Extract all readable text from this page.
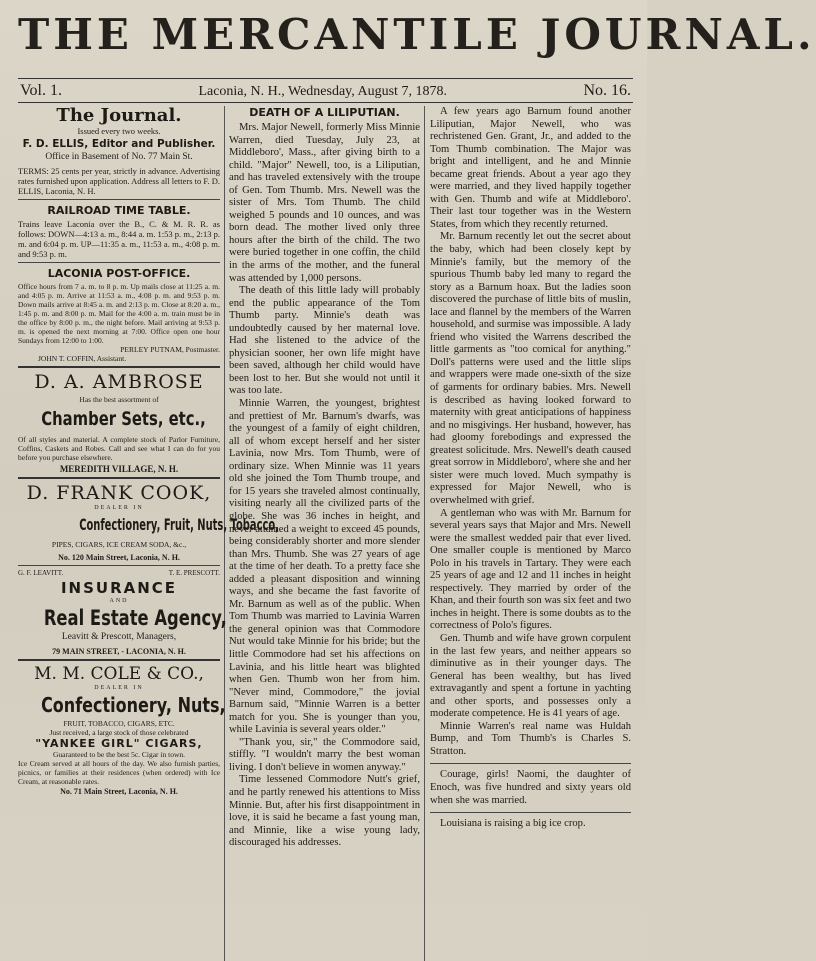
THE MERCANTILE JOURNAL.
Vol. 1.	Laconia, N. H., Wednesday, August 7, 1878.	No. 16.
The Journal.
Issued every two weeks.
F. D. ELLIS, Editor and Publisher.
Office in Basement of No. 77 Main St.
TERMS: 25 cents per year, strictly in advance. Advertising rates furnished upon application. Address all letters to F. D. ELLIS, Laconia, N. H.
RAILROAD TIME TABLE.
Trains leave Laconia over the B., C. & M. R. R. as follows: DOWN—4:13 a. m., 8:44 a. m. 1:53 p. m., 2:13 p. m. and 6:04 p. m. UP—11:35 a. m., 11:53 a. m., 4:08 p. m. and 9:53 p. m.
LACONIA POST-OFFICE.
Office hours from 7 a. m. to 8 p. m. Up mails close at 11:25 a. m. and 4:05 p. m. Arrive at 11:53 a. m., 4:08 p. m. and 9:53 p. m. Down mails arrive at 8:45 a. m. and 2:13 p. m. Close at 8:20 a. m., 1:45 p. m. and 8:00 p. m. Mail for the 4:00 a. m. train must be in the office by 8:00 p. m., the night before. Mail arriving at 9:53 p. m. is opened the next morning at 7:00. Office open one hour Sundays from 12:00 to 1:00.
PERLEY PUTNAM, Postmaster.
JOHN T. COFFIN, Assistant.
D. A. AMBROSE
Has the best assortment of
Chamber Sets, etc.,
Of all styles and material. A complete stock of Parlor Furniture, Coffins, Caskets and Robes. Call and see what I can do for you before you purchase elsewhere.
MEREDITH VILLAGE, N. H.
D. FRANK COOK,
DEALER IN
Confectionery, Fruit, Nuts, Tobacco,
PIPES, CIGARS, ICE CREAM SODA, &c.,
No. 120 Main Street, Laconia, N. H.
G. F. LEAVITT.	T. E. PRESCOTT.
INSURANCE
AND
Real Estate Agency,
Leavitt & Prescott, Managers,
79 MAIN STREET, - LACONIA, N. H.
M. M. COLE & CO.,
DEALER IN
Confectionery, Nuts,
FRUIT, TOBACCO, CIGARS, ETC.
Just received, a large stock of those celebrated
"YANKEE GIRL" CIGARS,
Guaranteed to be the best 5c. Cigar in town.
Ice Cream served at all hours of the day. We also furnish parties, picnics, or families at their residences (when ordered) with Ice Cream, at reasonable rates.
No. 71 Main Street, Laconia, N. H.
DEATH OF A LILIPUTIAN.

Mrs. Major Newell, formerly Miss Minnie Warren, died Tuesday, July 23, at Middleboro', Mass., after giving birth to a child. "Major" Newell, too, is a Liliputian, and has traveled extensively with the troupe of Gen. Tom Thumb. Mrs. Newell was the sister of Mrs. Tom Thumb. The child weighed 5 pounds and 10 ounces, and was born dead. The mother lived only three hours after the birth of the child. The two were buried together in one coffin, the child in the arms of the mother, and the funeral was attended by 1,000 persons.

The death of this little lady will probably end the public appearance of the Tom Thumb party. Minnie's death was undoubtedly caused by her maternal love. Had she listened to the advice of the physician sooner, her own life might have been saved, although her child would have been lost to her. But she would not until it was too late.

Minnie Warren, the youngest, brightest and prettiest of Mr. Barnum's dwarfs, was the youngest of a family of eight children, all of whom except herself and her sister Lavinia, now Mrs. Tom Thumb, were of ordinary size. When Minnie was 11 years old she joined the Tom Thumb troupe, and for 15 years she traveled almost continually, visiting nearly all the civilized parts of the globe. She was 36 inches in height, and never attained a weight to exceed 45 pounds, being considerably shorter and more slender than Mrs. Thumb. She was 27 years of age at the time of her death. To a pretty face she added a pleasant disposition and winning ways, and she became the fast favorite of Mr. Barnum as well as of the public. When Tom Thumb was married to Lavinia Warren the general opinion was that Commodore Nut would take Minnie for his bride; but the little Commodore had set his affections on Lavinia, and his little heart was blighted when Gen. Thumb won her from him. "Never mind, Commodore," the jovial Barnum said, "Minnie Warren is a better match for you. She is younger than you, while Lavinia is several years older."

"Thank you, sir," the Commodore said, stiffly. "I wouldn't marry the best woman living. I don't believe in women anyway."

Time lessened Commodore Nutt's grief, and he partly renewed his attentions to Miss Minnie. But, after his first disappointment in love, it is said he became a fast young man, and Minnie, like a wise young lady, discouraged his addresses.

A few years ago Barnum found another Liliputian, Major Newell, who was rechristened Gen. Grant, Jr., and added to the Tom Thumb combination. The Major was bright and intelligent, and he and Minnie became great friends. About a year ago they were married, and they lived happily together with Gen. Thumb and wife at Middleboro'. Their last tour together was in the Western States, from which they recently returned.

Mr. Barnum recently let out the secret about the baby, which had been closely kept by Minnie's family, but the memory of the spurious Thumb baby led many to regard the story as a Barnum hoax. But the ladies soon discovered the purchase of little bits of muslin, lace and flannel by the members of the Warren household, and surmise was impossible. A lady friend who visited the Warrens described the little garments as "too comical for anything." Doll's patterns were used and the little slips and wrappers were made one-sixth of the size of garments for ordinary babies. Mrs. Newell is described as having looked forward to maternity with great anticipations of happiness and no misgivings. Her husband, however, has had gloomy forebodings and expressed the greatest solicitude. Mrs. Newell's death caused great sorrow in Middleboro', where she and her sister were much loved. Much sympathy is expressed for Major Newell, who is overwhelmed with grief.

A gentleman who was with Mr. Barnum for several years says that Major and Mrs. Newell were the smallest wedded pair that ever lived. One smaller couple is mentioned by Marco Polo in his travels in Tartary. They were each 25 years of age and 12 and 11 inches in height respectively. They married by order of the Khan, and their fourth son was six feet and two inches in height. There is some doubts as to the correctness of Polo's figures.

Gen. Thumb and wife have grown corpulent in the last few years, and neither appears so diminutive as in their younger days. The General has been wealthy, but has lived extravagantly and spent a fortune in yachting and other sports, and possesses only a moderate competence. He is 41 years of age.

Minnie Warren's real name was Huldah Bump, and Tom Thumb's is Charles S. Stratton.

Courage, girls! Naomi, the daughter of Enoch, was five hundred and sixty years old when she was married.

Louisiana is raising a big ice crop.
